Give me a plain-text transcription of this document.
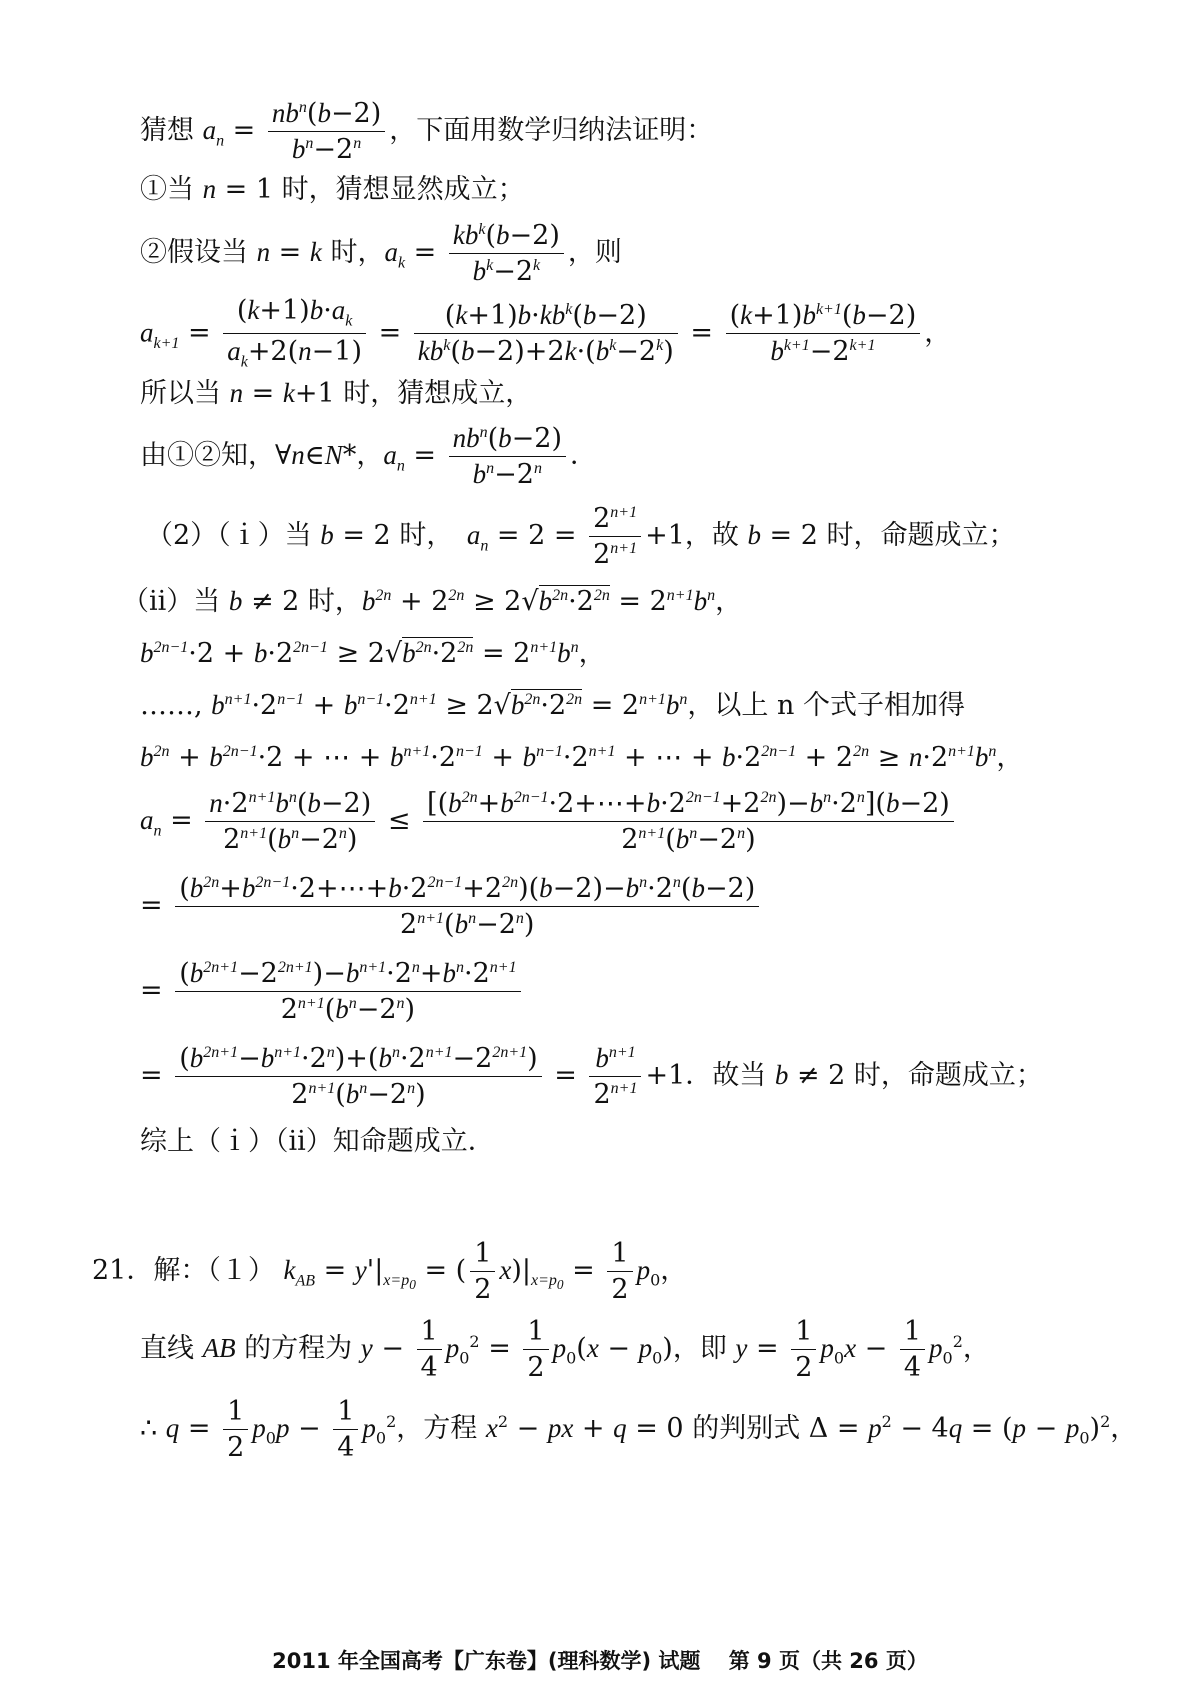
猜想 $a_n = \frac{nb^n(b-2)}{b^n-2^n}$ ，下面用数学归纳法证明：
①当 n = 1 时，猜想显然成立；
②假设当 n = k 时，$a_k = \frac{kb^k(b-2)}{b^k-2^k}$ ，则
$a_{k+1} = \frac{(k+1)b\cdot a_k}{a_k+2(n-1)} = \frac{(k+1)b\cdot kb^k(b-2)}{kb^k(b-2)+2k\cdot(b^k-2^k)} = \frac{(k+1)b^{k+1}(b-2)}{b^{k+1}-2^{k+1}}$ ，
所以当 n = k+1 时，猜想成立，
由①②知，∀n∈N*，$a_n = \frac{nb^n(b-2)}{b^n-2^n}$ ．
（2）（ｉ）当 b = 2 时，　$a_n = 2 = \frac{2^{n+1}}{2^{n+1}} +1$，故 b = 2 时，命题成立；
（ii）当 b ≠ 2 时，$b^{2n} + 2^{2n} \ge 2√b^{2n}\cdot 2^{2n} = 2^{n+1}b^n$，
$b^{2n-1}\cdot 2 + b\cdot 2^{2n-1} \ge 2√b^{2n}\cdot 2^{2n} = 2^{n+1}b^n$，
……, $b^{n+1}\cdot 2^{n-1} + b^{n-1}\cdot 2^{n+1} \ge 2√b^{2n}\cdot 2^{2n} = 2^{n+1}b^n$，以上 n 个式子相加得
$b^{2n} + b^{2n-1}\cdot 2$ + ⋯ + $b^{n+1}\cdot 2^{n-1} + b^{n-1}\cdot 2^{n+1}$ + ⋯ + $b\cdot 2^{2n-1} + 2^{2n} \ge n\cdot 2^{n+1}b^n$，
$a_n = \frac{n\cdot 2^{n+1}b^n(b-2)}{2^{n+1}(b^n-2^n)} \le \frac{[(b^{2n}+b^{2n-1}\cdot 2+\cdots+b\cdot 2^{2n-1}+2^{2n})-b^n\cdot 2^n](b-2)}{2^{n+1}(b^n-2^n)}$
= $\frac{(b^{2n}+b^{2n-1}\cdot 2+\cdots+b\cdot 2^{2n-1}+2^{2n})(b-2)-b^n\cdot 2^n(b-2)}{2^{n+1}(b^n-2^n)}$
= $\frac{(b^{2n+1}-2^{2n+1})-b^{n+1}\cdot 2^n+b^n\cdot 2^{n+1}}{2^{n+1}(b^n-2^n)}$
= $\frac{(b^{2n+1}-b^{n+1}\cdot 2^n)+(b^n\cdot 2^{n+1}-2^{2n+1})}{2^{n+1}(b^n-2^n)} = \frac{b^{n+1}}{2^{n+1}} +1$．故当 b ≠ 2 时，命题成立；
综上（ｉ）（ii）知命题成立．
21．解：（１） $k_{AB} = y'|_{x=p_0}$ = ( $\frac{1}{2} x)|_{x=p_0} = \frac{1}{2} p_0$，
直线 AB 的方程为 $y - \frac{1}{4} p_0^2 = \frac{1}{2} p_0(x - p_0)$，即 $y = \frac{1}{2} p_0x - \frac{1}{4} p_0^2$，
∴ $q = \frac{1}{2} p_0p - \frac{1}{4} p_0^2$，方程 $x^2$ − px + q = 0 的判别式 $\Delta = p^2 - 4q = (p - p_0)^2$，
2011 年全国高考【广东卷】(理科数学) 试题　 第 9 页（共 26 页）
